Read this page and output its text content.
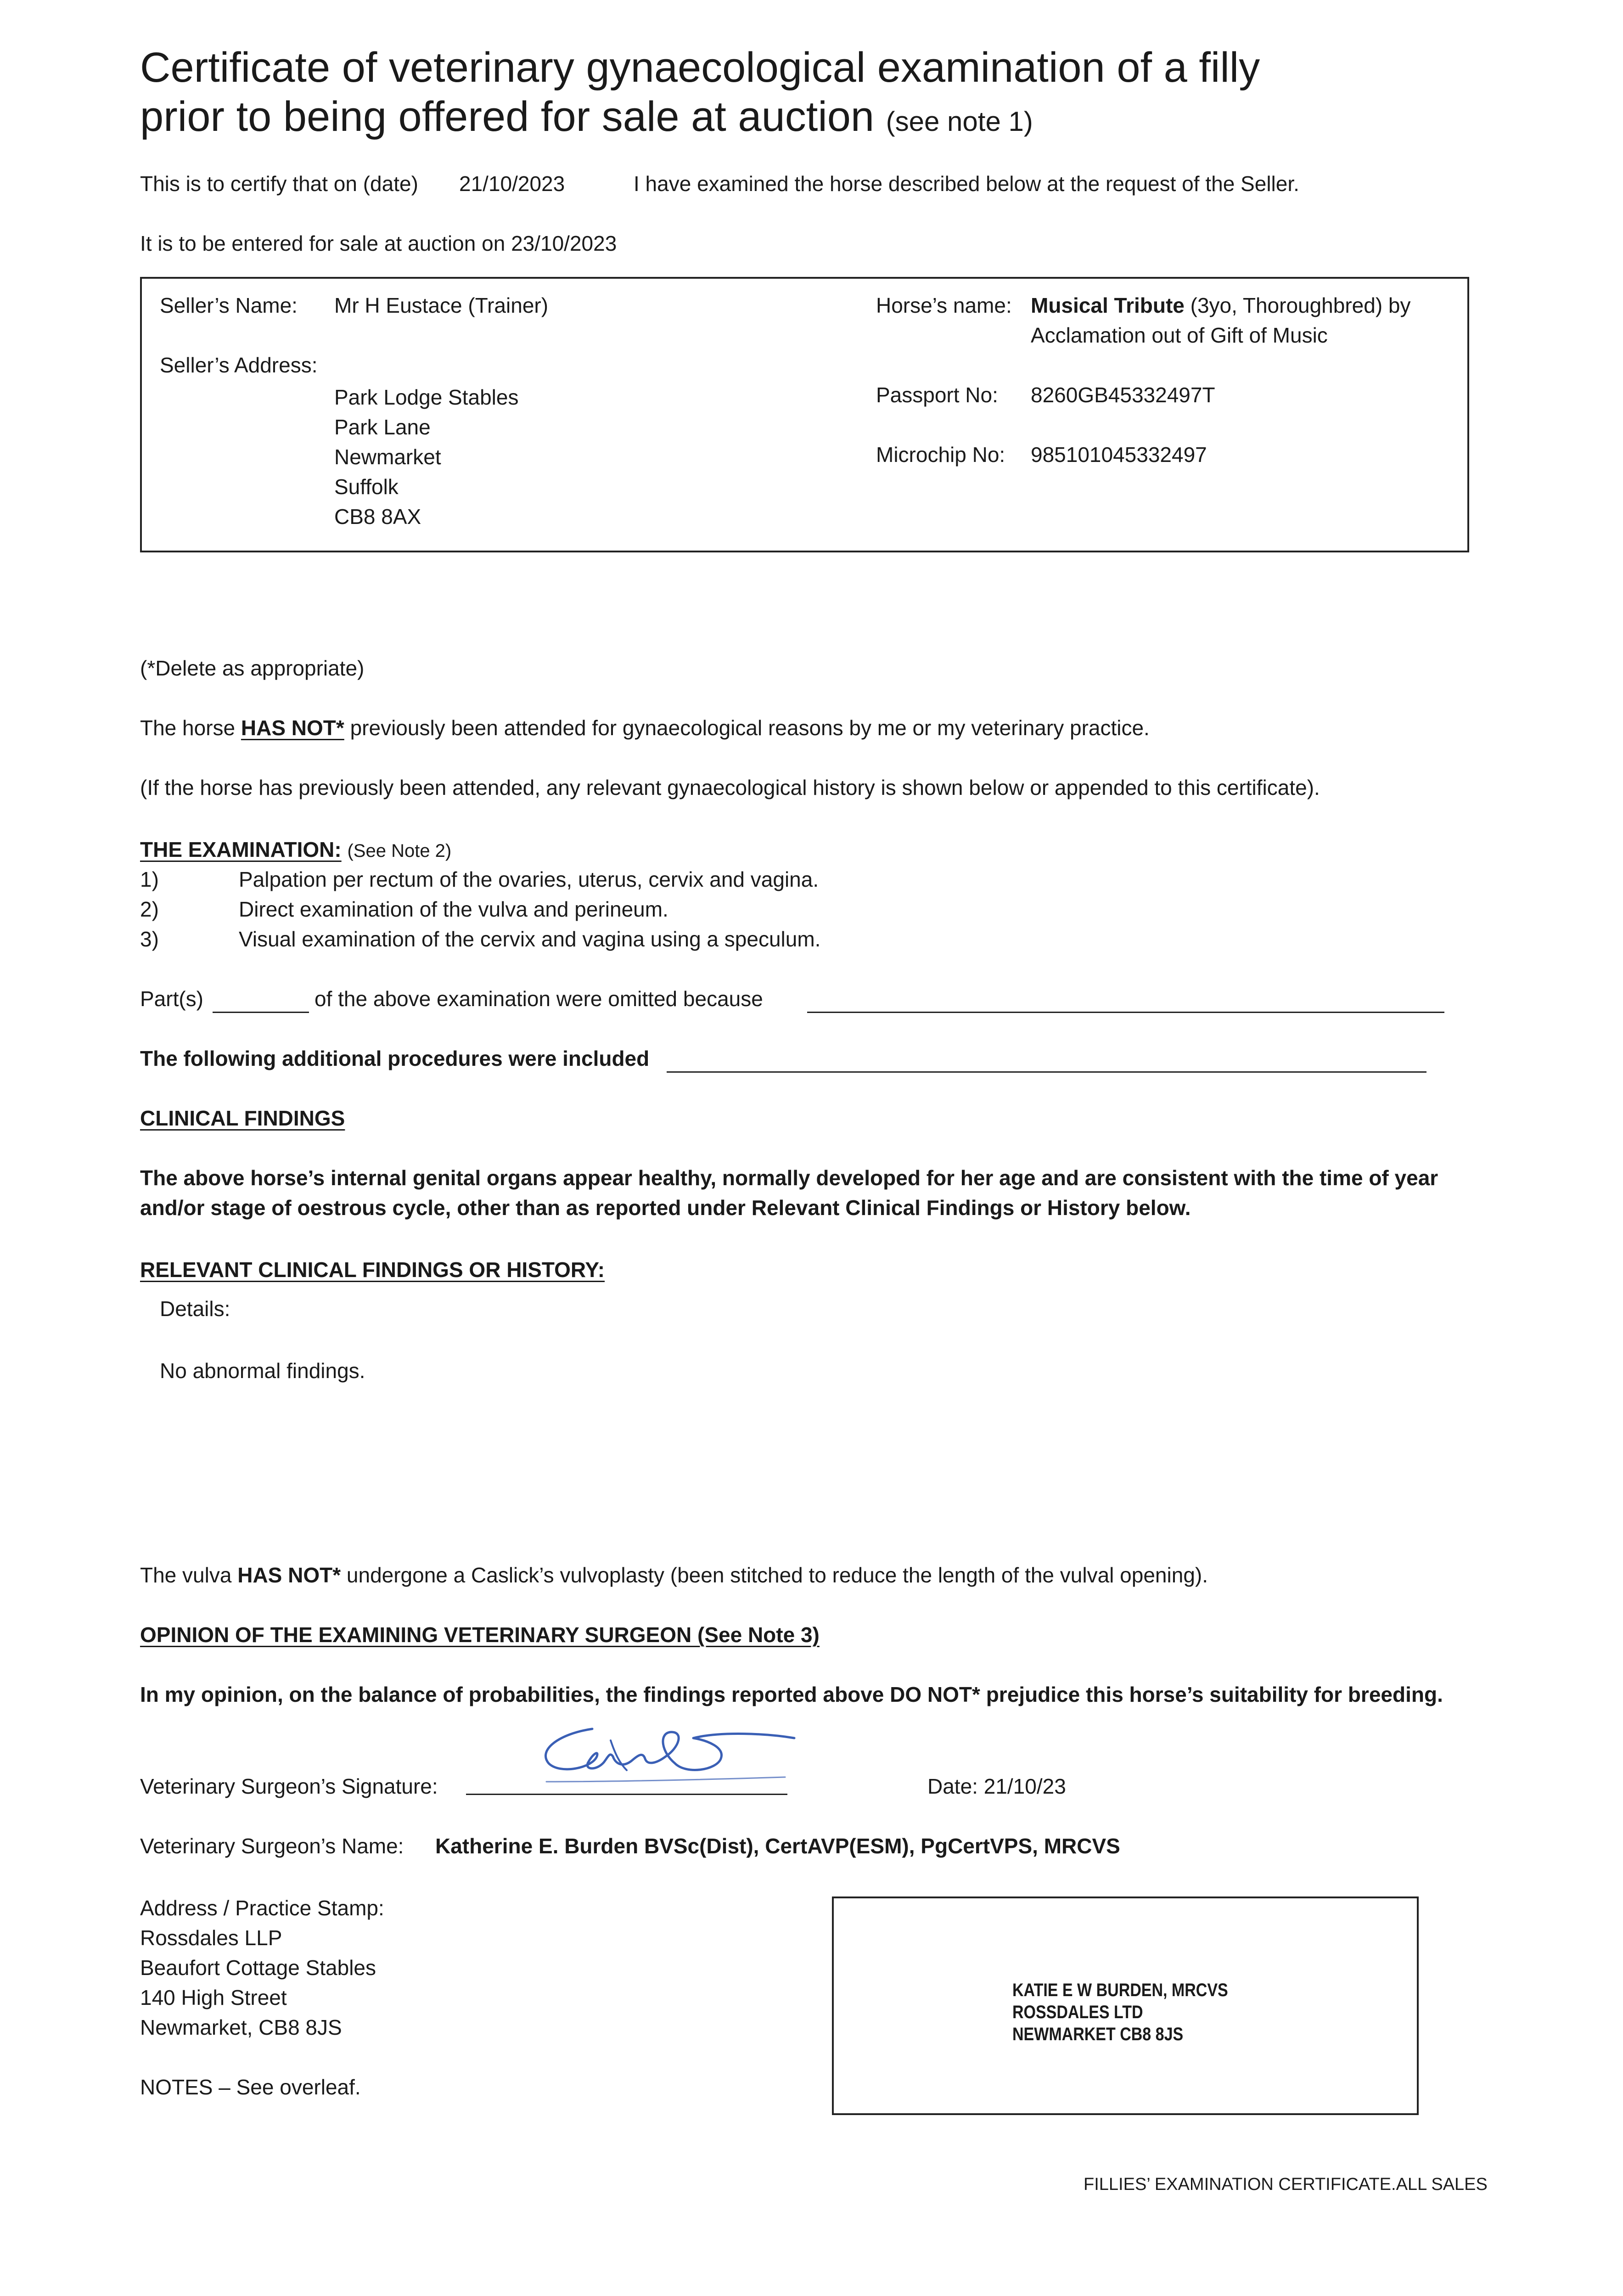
Certificate of veterinary gynaecological examination of a filly
prior to being offered for sale at auction (see note 1)
This is to certify that on (date) 21/10/2023	I have examined the horse described below at the request of the Seller.
It is to be entered for sale at auction on 23/10/2023
Seller’s Name: Mr H Eustace (Trainer)
Seller’s Address:
Park Lodge Stables
Park Lane
Newmarket
Suffolk
CB8 8AX
Horse’s name: Musical Tribute (3yo, Thoroughbred) by
Acclamation out of Gift of Music
Passport No: 8260GB45332497T
Microchip No: 985101045332497
(*Delete as appropriate)
The horse HAS NOT* previously been attended for gynaecological reasons by me or my veterinary practice.
(If the horse has previously been attended, any relevant gynaecological history is shown below or appended to this certificate).
THE EXAMINATION: (See Note 2)
1)	Palpation per rectum of the ovaries, uterus, cervix and vagina.
2)	Direct examination of the vulva and perineum.
3)	Visual examination of the cervix and vagina using a speculum.
Part(s)	of the above examination were omitted because
The following additional procedures were included
CLINICAL FINDINGS
The above horse’s internal genital organs appear healthy, normally developed for her age and are consistent with the time of year
and/or stage of oestrous cycle, other than as reported under Relevant Clinical Findings or History below.
RELEVANT CLINICAL FINDINGS OR HISTORY:
Details:
No abnormal findings.
The vulva HAS NOT* undergone a Caslick’s vulvoplasty (been stitched to reduce the length of the vulval opening).
OPINION OF THE EXAMINING VETERINARY SURGEON (See Note 3)
In my opinion, on the balance of probabilities, the findings reported above DO NOT* prejudice this horse’s suitability for breeding.
Veterinary Surgeon’s Signature:	Date: 21/10/23
Veterinary Surgeon’s Name: Katherine E. Burden BVSc(Dist), CertAVP(ESM), PgCertVPS, MRCVS
Address / Practice Stamp:
Rossdales LLP
Beaufort Cottage Stables
140 High Street
Newmarket, CB8 8JS
KATIE E W BURDEN, MRCVS
ROSSDALES LTD
NEWMARKET CB8 8JS
NOTES – See overleaf.
FILLIES’ EXAMINATION CERTIFICATE.ALL SALES
